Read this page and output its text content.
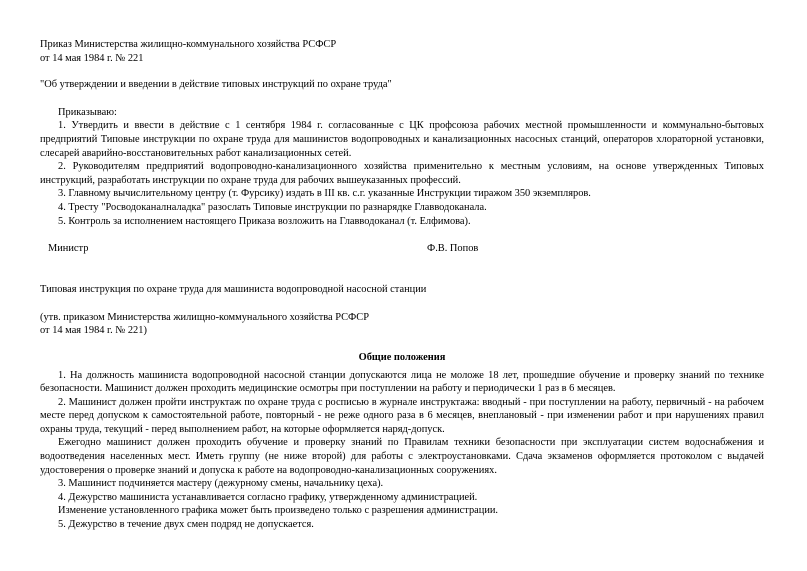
Приказ Министерства жилищно-коммунального хозяйства РСФСР
от 14 мая 1984 г. № 221
"Об утверждении и введении в действие типовых инструкций по охране труда"
Приказываю:

1. Утвердить и ввести в действие с 1 сентября 1984 г. согласованные с ЦК профсоюза рабочих местной промышленности и коммунально-бытовых предприятий Типовые инструкции по охране труда для машинистов водопроводных и канализационных насосных станций, операторов хлораторной установки, слесарей аварийно-восстановительных работ канализационных сетей.

2. Руководителям предприятий водопроводно-канализационного хозяйства применительно к местным условиям, на основе утвержденных Типовых инструкций, разработать инструкции по охране труда для рабочих вышеуказанных профессий.

3. Главному вычислительному центру (т. Фурсику) издать в III кв. с.г. указанные Инструкции тиражом 350 экземпляров.

4. Тресту "Росводоканалналадка" разослать Типовые инструкции по разнарядке Главводоканала.

5. Контроль за исполнением настоящего Приказа возложить на Главводоканал (т. Елфимова).

Министр	Ф.В. Попов
Типовая инструкция по охране труда для машиниста водопроводной насосной станции
(утв. приказом Министерства жилищно-коммунального хозяйства РСФСР
от 14 мая 1984 г. № 221)

Общие положения

1. На должность машиниста водопроводной насосной станции допускаются лица не моложе 18 лет, прошедшие обучение и проверку знаний по технике безопасности. Машинист должен проходить медицинские осмотры при поступлении на работу и периодически 1 раз в 6 месяцев.

2. Машинист должен пройти инструктаж по охране труда с росписью в журнале инструктажа: вводный - при поступлении на работу, первичный - на рабочем месте перед допуском к самостоятельной работе, повторный - не реже одного раза в 6 месяцев, внеплановый - при изменении работ и при нарушениях правил охраны труда, текущий - перед выполнением работ, на которые оформляется наряд-допуск.

Ежегодно машинист должен проходить обучение и проверку знаний по Правилам техники безопасности при эксплуатации систем водоснабжения и водоотведения населенных мест. Иметь группу (не ниже второй) для работы с электроустановками. Сдача экзаменов оформляется протоколом с выдачей удостоверения о проверке знаний и допуска к работе на водопроводно-канализационных сооружениях.

3. Машинист подчиняется мастеру (дежурному смены, начальнику цеха).

4. Дежурство машиниста устанавливается согласно графику, утвержденному администрацией.

Изменение установленного графика может быть произведено только с разрешения администрации.

5. Дежурство в течение двух смен подряд не допускается.
